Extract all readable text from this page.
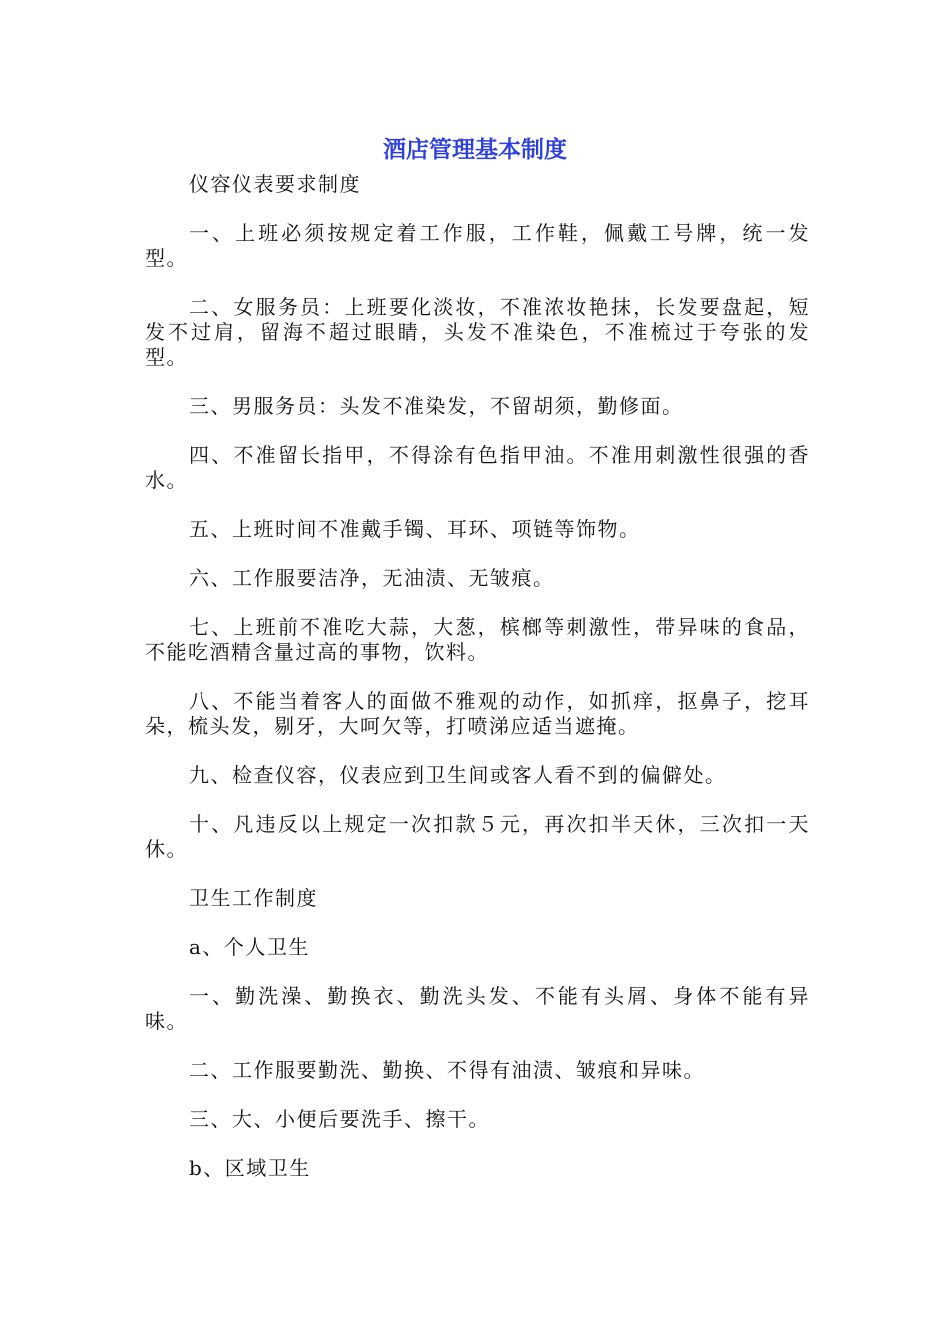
酒店管理基本制度

仪容仪表要求制度

一、上班必须按规定着工作服，工作鞋，佩戴工号牌，统一发型。

二、女服务员：上班要化淡妆，不准浓妆艳抹，长发要盘起，短发不过肩，留海不超过眼睛，头发不准染色，不准梳过于夸张的发型。

三、男服务员：头发不准染发，不留胡须，勤修面。

四、不准留长指甲，不得涂有色指甲油。不准用刺激性很强的香水。

五、上班时间不准戴手镯、耳环、项链等饰物。

六、工作服要洁净，无油渍、无皱痕。

七、上班前不准吃大蒜，大葱，槟榔等刺激性，带异味的食品，不能吃酒精含量过高的事物，饮料。

八、不能当着客人的面做不雅观的动作，如抓痒，抠鼻子，挖耳朵，梳头发，剔牙，大呵欠等，打喷涕应适当遮掩。

九、检查仪容，仪表应到卫生间或客人看不到的偏僻处。

十、凡违反以上规定一次扣款５元，再次扣半天休，三次扣一天休。

卫生工作制度

a、个人卫生

一、勤洗澡、勤换衣、勤洗头发、不能有头屑、身体不能有异味。

二、工作服要勤洗、勤换、不得有油渍、皱痕和异味。

三、大、小便后要洗手、擦干。

b、区域卫生
